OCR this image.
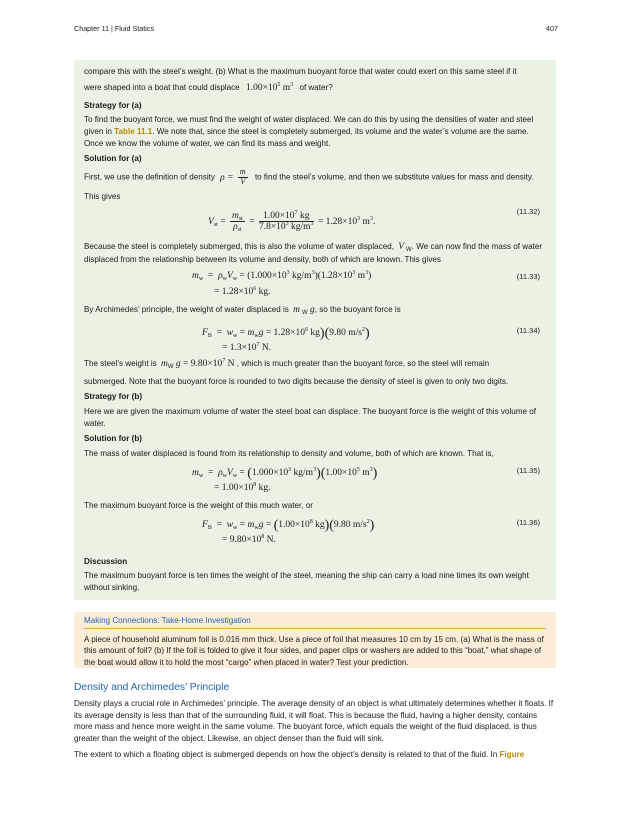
Chapter 11 | Fluid Statics	407
compare this with the steel’s weight. (b) What is the maximum buoyant force that water could exert on this same steel if it
were shaped into a boat that could displace $1.00\times 10^5$ $m^3$ of water?
Strategy for (a)
To find the buoyant force, we must find the weight of water displaced. We can do this by using the densities of water and steel given in Table 11.1. We note that, since the steel is completely submerged, its volume and the water’s volume are the same. Once we know the volume of water, we can find its mass and weight.
Solution for (a)
First, we use the definition of density $\rho = \frac{m}{V}$ to find the steel’s volume, and then we substitute values for mass and density.
This gives
$V_{st} = \frac{m_{st}}{\rho_{st}} = \frac{1.00\times 10^7 kg}{7.8\times 10^3 kg/m^3} = 1.28\times 10^3$ $m^3$.
(11.32)
Because the steel is completely submerged, this is also the volume of water displaced, V $_W$. We can now find the mass of water displaced from the relationship between its volume and density, both of which are known. This gives
$m_w = \rho_wV_w = (1.000\times 10^3$ $kg/m^3)(1.28\times 10^3$ $m^3$)
= $1.28\times 10^6$ kg.
(11.33)
By Archimedes’ principle, the weight of water displaced is m $_W$ g, so the buoyant force is
$F_B = w_w = m_wg = 1.28\times 10^6$ kg)(9.80 $m/s^2$)
= $1.3\times 10^7$ N.
(11.34)
The steel’s weight is $m_W$ $g = 9.80\times 10^7$ N , which is much greater than the buoyant force, so the steel will remain
submerged. Note that the buoyant force is rounded to two digits because the density of steel is given to only two digits.
Strategy for (b)
Here we are given the maximum volume of water the steel boat can displace. The buoyant force is the weight of this volume of water.
Solution for (b)
The mass of water displaced is found from its relationship to density and volume, both of which are known. That is,
$m_w = \rho_wV_w = (1.000\times 10^3$ $kg/m^3)(1.00\times 10^5$ $m^3$)
= $1.00\times 10^8$ kg.
(11.35)
The maximum buoyant force is the weight of this much water, or
$F_B = w_w = m_wg = (1.00\times 10^8$ kg)(9.80 $m/s^2$)
= $9.80\times 10^8$ N.
(11.36)
Discussion
The maximum buoyant force is ten times the weight of the steel, meaning the ship can carry a load nine times its own weight without sinking.
Making Connections: Take-Home Investigation
A piece of household aluminum foil is 0.016 mm thick. Use a piece of foil that measures 10 cm by 15 cm. (a) What is the mass of this amount of foil? (b) If the foil is folded to give it four sides, and paper clips or washers are added to this “boat,” what shape of the boat would allow it to hold the most “cargo” when placed in water? Test your prediction.
Density and Archimedes’ Principle
Density plays a crucial role in Archimedes’ principle. The average density of an object is what ultimately determines whether it floats. If its average density is less than that of the surrounding fluid, it will float. This is because the fluid, having a higher density, contains more mass and hence more weight in the same volume. The buoyant force, which equals the weight of the fluid displaced, is thus greater than the weight of the object. Likewise, an object denser than the fluid will sink.
The extent to which a floating object is submerged depends on how the object’s density is related to that of the fluid. In Figure
